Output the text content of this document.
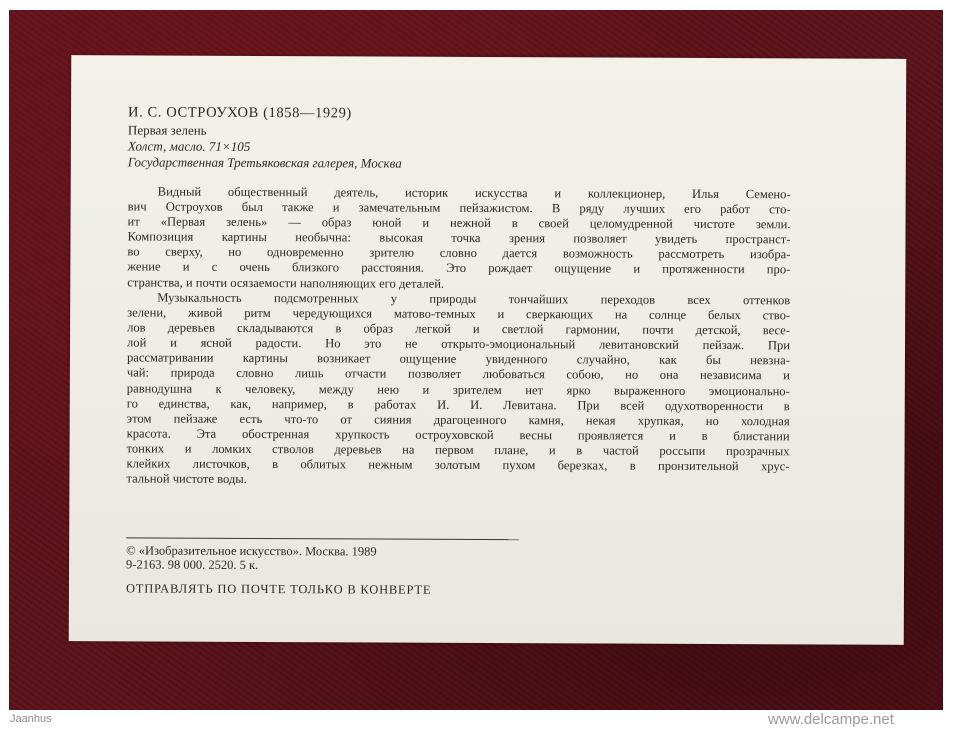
И. С. ОСТРОУХОВ (1858—1929)
Первая зелень
Холст, масло. 71×105
Государственная Третьяковская галерея, Москва
Видный общественный деятель, историк искусства и коллекционер, Илья Семено-
вич Остроухов был также и замечательным пейзажистом. В ряду лучших его работ сто-
ит «Первая зелень» — образ юной и нежной в своей целомудренной чистоте земли.
Композиция картины необычна: высокая точка зрения позволяет увидеть пространст-
во сверху, но одновременно зрителю словно дается возможность рассмотреть изобра-
жение и с очень близкого расстояния. Это рождает ощущение и протяженности про-
странства, и почти осязаемости наполняющих его деталей.
Музыкальность подсмотренных у природы тончайших переходов всех оттенков
зелени, живой ритм чередующихся матово-темных и сверкающих на солнце белых ство-
лов деревьев складываются в образ легкой и светлой гармонии, почти детской, весе-
лой и ясной радости. Но это не открыто-эмоциональный левитановский пейзаж. При
рассматривании картины возникает ощущение увиденного случайно, как бы невзна-
чай: природа словно лишь отчасти позволяет любоваться собою, но она независима и
равнодушна к человеку, между нею и зрителем нет ярко выраженного эмоционально-
го единства, как, например, в работах И. И. Левитана. При всей одухотворенности в
этом пейзаже есть что-то от сияния драгоценного камня, некая хрупкая, но холодная
красота. Эта обостренная хрупкость остроуховской весны проявляется и в блистании
тонких и ломких стволов деревьев на первом плане, и в частой россыпи прозрачных
клейких листочков, в облитых нежным золотым пухом березках, в пронзительной хрус-
тальной чистоте воды.
© «Изобразительное искусство». Москва. 1989
9-2163. 98 000. 2520. 5 к.
ОТПРАВЛЯТЬ ПО ПОЧТЕ ТОЛЬКО В КОНВЕРТЕ
Jaanhus	www.delcampe.net
